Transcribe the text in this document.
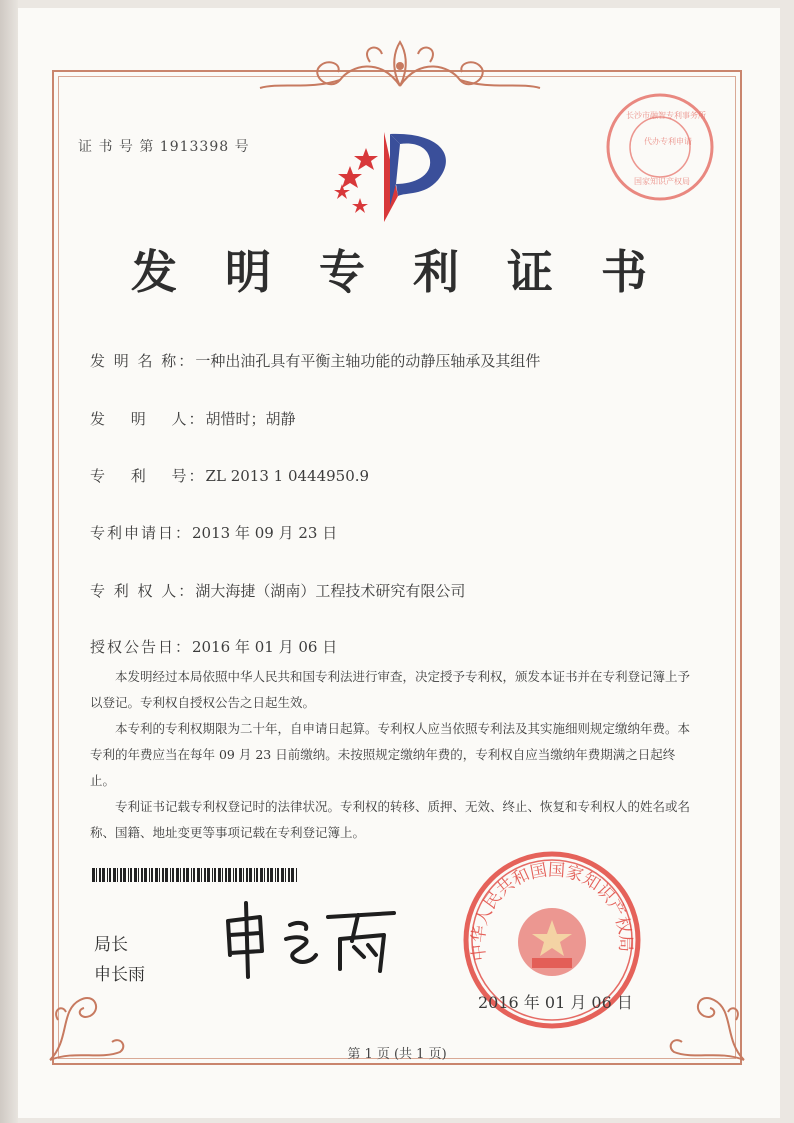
证 书 号 第 1913398 号
长沙市融智专利事务所
代办专利申请
国家知识产权局
发 明 专 利 证 书
发 明 名 称：一种出油孔具有平衡主轴功能的动静压轴承及其组件
发　 明　 人：胡惜时；胡静
专　 利　 号：ZL 2013 1 0444950.9
专利申请日：2013 年 09 月 23 日
专 利 权 人：湖大海捷（湖南）工程技术研究有限公司
授权公告日：2016 年 01 月 06 日

本发明经过本局依照中华人民共和国专利法进行审查，决定授予专利权，颁发本证书并在专利登记簿上予以登记。专利权自授权公告之日起生效。

本专利的专利权期限为二十年，自申请日起算。专利权人应当依照专利法及其实施细则规定缴纳年费。本专利的年费应当在每年 09 月 23 日前缴纳。未按照规定缴纳年费的，专利权自应当缴纳年费期满之日起终止。

专利证书记载专利权登记时的法律状况。专利权的转移、质押、无效、终止、恢复和专利权人的姓名或名称、国籍、地址变更等事项记载在专利登记簿上。

局长
申长雨
中华人民共和国国家知识产权局
2016 年 01 月 06 日
第 1 页 (共 1 页)
